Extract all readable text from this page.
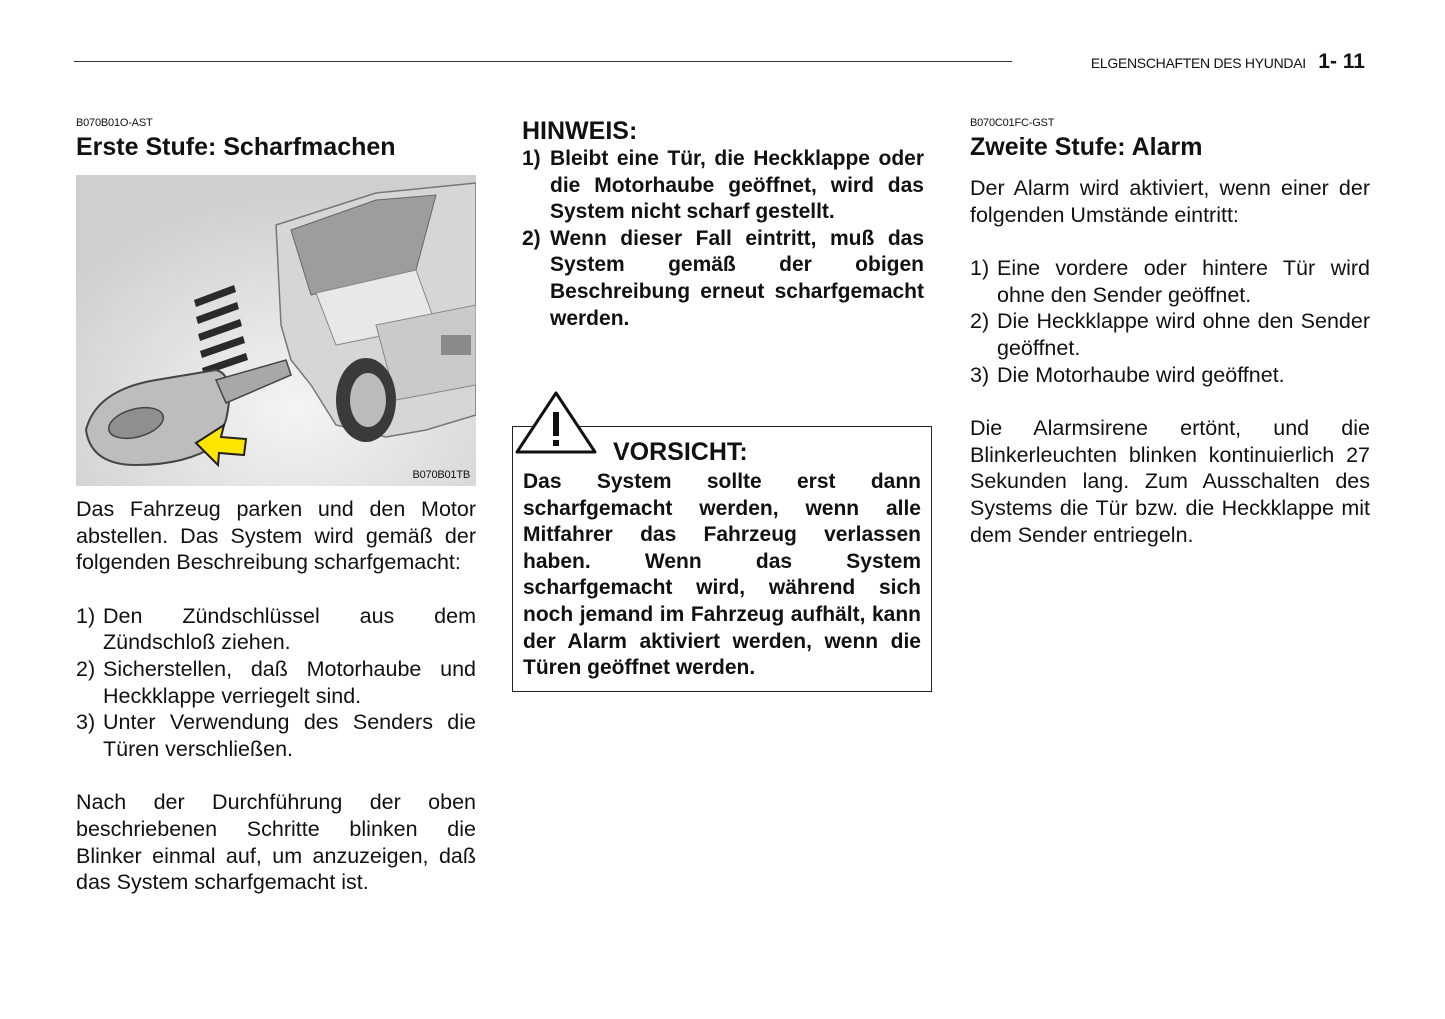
ELGENSCHAFTEN DES HYUNDAI 1- 11
B070B01O-AST
Erste Stufe: Scharfmachen
B070B01TB

Das Fahrzeug parken und den Motor abstellen. Das System wird gemäß der folgenden Beschreibung scharfgemacht:

1) Den Zündschlüssel aus dem Zündschloß ziehen.
2) Sicherstellen, daß Motorhaube und Heckklappe verriegelt sind.
3) Unter Verwendung des Senders die Türen verschließen.

Nach der Durchführung der oben beschriebenen Schritte blinken die Blinker einmal auf, um anzuzeigen, daß das System scharfgemacht ist.

HINWEIS:
1) Bleibt eine Tür, die Heckklappe oder die Motorhaube geöffnet, wird das System nicht scharf gestellt.
2) Wenn dieser Fall eintritt, muß das System gemäß der obigen Beschreibung erneut scharfgemacht werden.
VORSICHT:
Das System sollte erst dann scharfgemacht werden, wenn alle Mitfahrer das Fahrzeug verlassen haben. Wenn das System scharfgemacht wird, während sich noch jemand im Fahrzeug aufhält, kann der Alarm aktiviert werden, wenn die Türen geöffnet werden.
B070C01FC-GST
Zweite Stufe: Alarm

Der Alarm wird aktiviert, wenn einer der folgenden Umstände eintritt:

1) Eine vordere oder hintere Tür wird ohne den Sender geöffnet.
2) Die Heckklappe wird ohne den Sender geöffnet.
3) Die Motorhaube wird geöffnet.

Die Alarmsirene ertönt, und die Blinkerleuchten blinken kontinuierlich 27 Sekunden lang. Zum Ausschalten des Systems die Tür bzw. die Heckklappe mit dem Sender entriegeln.
